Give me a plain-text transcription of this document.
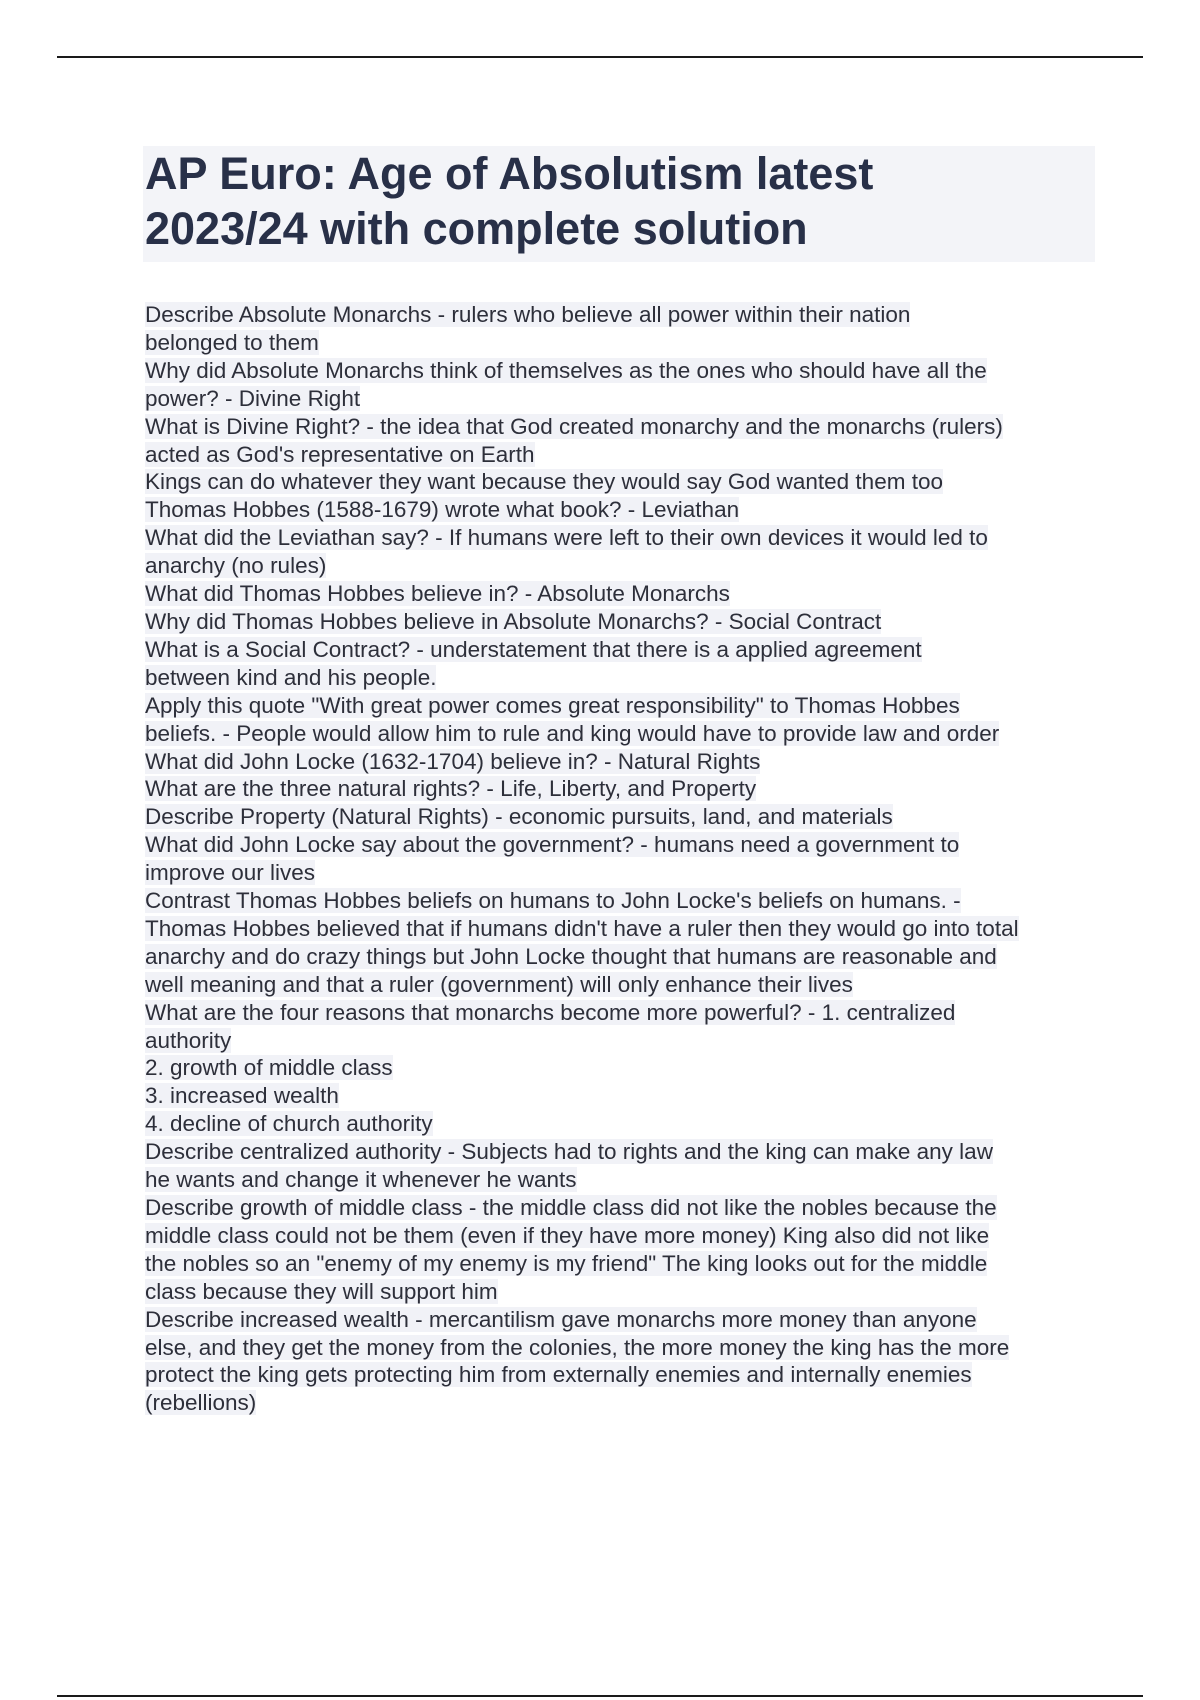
AP Euro: Age of Absolutism latest
2023/24 with complete solution
Describe Absolute Monarchs - rulers who believe all power within their nation
belonged to them
Why did Absolute Monarchs think of themselves as the ones who should have all the
power? - Divine Right
What is Divine Right? - the idea that God created monarchy and the monarchs (rulers)
acted as God's representative on Earth
Kings can do whatever they want because they would say God wanted them too
Thomas Hobbes (1588-1679) wrote what book? - Leviathan
What did the Leviathan say? - If humans were left to their own devices it would led to
anarchy (no rules)
What did Thomas Hobbes believe in? - Absolute Monarchs
Why did Thomas Hobbes believe in Absolute Monarchs? - Social Contract
What is a Social Contract? - understatement that there is a applied agreement
between kind and his people.
Apply this quote "With great power comes great responsibility" to Thomas Hobbes
beliefs. - People would allow him to rule and king would have to provide law and order
What did John Locke (1632-1704) believe in? - Natural Rights
What are the three natural rights? - Life, Liberty, and Property
Describe Property (Natural Rights) - economic pursuits, land, and materials
What did John Locke say about the government? - humans need a government to
improve our lives
Contrast Thomas Hobbes beliefs on humans to John Locke's beliefs on humans. -
Thomas Hobbes believed that if humans didn't have a ruler then they would go into total
anarchy and do crazy things but John Locke thought that humans are reasonable and
well meaning and that a ruler (government) will only enhance their lives
What are the four reasons that monarchs become more powerful? - 1. centralized
authority
2. growth of middle class
3. increased wealth
4. decline of church authority
Describe centralized authority - Subjects had to rights and the king can make any law
he wants and change it whenever he wants
Describe growth of middle class - the middle class did not like the nobles because the
middle class could not be them (even if they have more money) King also did not like
the nobles so an "enemy of my enemy is my friend" The king looks out for the middle
class because they will support him
Describe increased wealth - mercantilism gave monarchs more money than anyone
else, and they get the money from the colonies, the more money the king has the more
protect the king gets protecting him from externally enemies and internally enemies
(rebellions)
